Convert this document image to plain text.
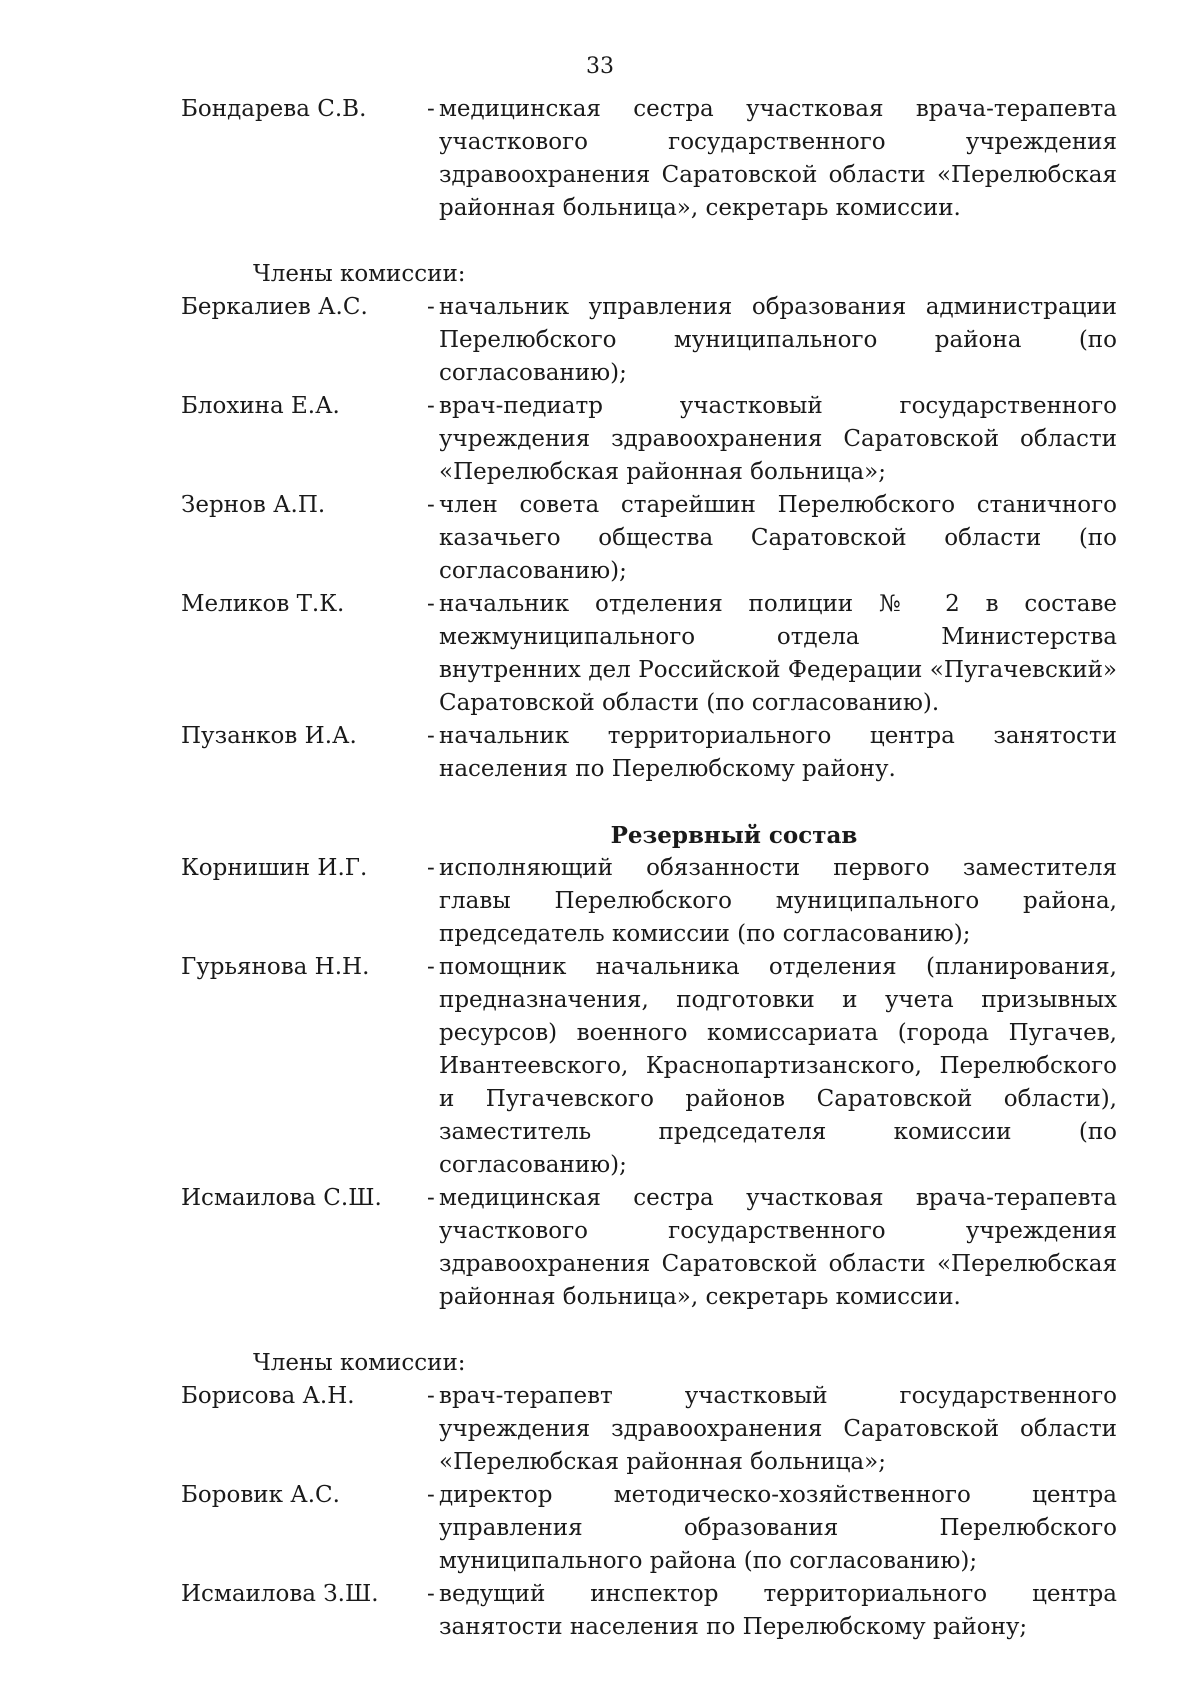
33
Бондарева С.В.	- медицинская сестра участковая врача-терапевта участкового государственного учреждения здравоохранения Саратовской области «Перелюбская районная больница», секретарь комиссии.
Члены комиссии:
Беркалиев А.С.	- начальник управления образования администрации Перелюбского муниципального района (по согласованию);
Блохина Е.А.	- врач-педиатр участковый государственного учреждения здравоохранения Саратовской области «Перелюбская районная больница»;
Зернов А.П.	- член совета старейшин Перелюбского станичного казачьего общества Саратовской области (по согласованию);
Меликов Т.К.	- начальник отделения полиции № 2 в составе межмуниципального отдела Министерства внутренних дел Российской Федерации «Пугачевский» Саратовской области (по согласованию).
Пузанков И.А.	- начальник территориального центра занятости населения по Перелюбскому району.
Резервный состав
Корнишин И.Г.	- исполняющий обязанности первого заместителя главы Перелюбского муниципального района, председатель комиссии (по согласованию);
Гурьянова Н.Н.	- помощник начальника отделения (планирования, предназначения, подготовки и учета призывных ресурсов) военного комиссариата (города Пугачев, Ивантеевского, Краснопартизанского, Перелюбского и Пугачевского районов Саратовской области), заместитель председателя комиссии (по согласованию);
Исмаилова С.Ш.	- медицинская сестра участковая врача-терапевта участкового государственного учреждения здравоохранения Саратовской области «Перелюбская районная больница», секретарь комиссии.
Члены комиссии:
Борисова А.Н.	- врач-терапевт участковый государственного учреждения здравоохранения Саратовской области «Перелюбская районная больница»;
Боровик А.С.	- директор методическо-хозяйственного центра управления образования Перелюбского муниципального района (по согласованию);
Исмаилова З.Ш.	- ведущий инспектор территориального центра занятости населения по Перелюбскому району;
